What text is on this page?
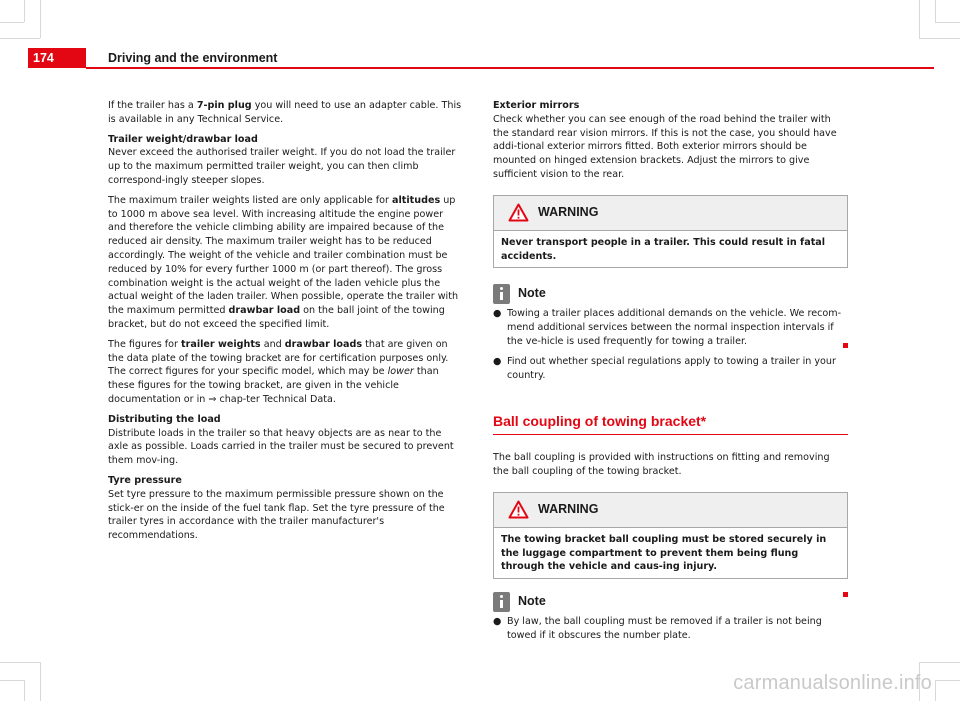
174	Driving and the environment

If the trailer has a 7-pin plug you will need to use an adapter cable. This is available in any Technical Service.

Trailer weight/drawbar load

Never exceed the authorised trailer weight. If you do not load the trailer up to the maximum permitted trailer weight, you can then climb correspond-ingly steeper slopes.

The maximum trailer weights listed are only applicable for altitudes up to 1000 m above sea level. With increasing altitude the engine power and therefore the vehicle climbing ability are impaired because of the reduced air density. The maximum trailer weight has to be reduced accordingly. The weight of the vehicle and trailer combination must be reduced by 10% for every further 1000 m (or part thereof). The gross combination weight is the actual weight of the laden vehicle plus the actual weight of the laden trailer. When possible, operate the trailer with the maximum permitted drawbar load on the ball joint of the towing bracket, but do not exceed the specified limit.

The figures for trailer weights and drawbar loads that are given on the data plate of the towing bracket are for certification purposes only. The correct figures for your specific model, which may be lower than these figures for the towing bracket, are given in the vehicle documentation or in ⇒ chap-ter Technical Data.

Distributing the load

Distribute loads in the trailer so that heavy objects are as near to the axle as possible. Loads carried in the trailer must be secured to prevent them mov-ing.

Tyre pressure

Set tyre pressure to the maximum permissible pressure shown on the stick-er on the inside of the fuel tank flap. Set the tyre pressure of the trailer tyres in accordance with the trailer manufacturer's recommendations.

Exterior mirrors

Check whether you can see enough of the road behind the trailer with the standard rear vision mirrors. If this is not the case, you should have addi-tional exterior mirrors fitted. Both exterior mirrors should be mounted on hinged extension brackets. Adjust the mirrors to give sufficient vision to the rear.

WARNING
Never transport people in a trailer. This could result in fatal accidents.
Note
● Towing a trailer places additional demands on the vehicle. We recom-mend additional services between the normal inspection intervals if the ve-hicle is used frequently for towing a trailer.
● Find out whether special regulations apply to towing a trailer in your country.
Ball coupling of towing bracket*

The ball coupling is provided with instructions on fitting and removing the ball coupling of the towing bracket.

WARNING
The towing bracket ball coupling must be stored securely in the luggage compartment to prevent them being flung through the vehicle and caus-ing injury.
Note
● By law, the ball coupling must be removed if a trailer is not being towed if it obscures the number plate.
carmanualsonline.info
